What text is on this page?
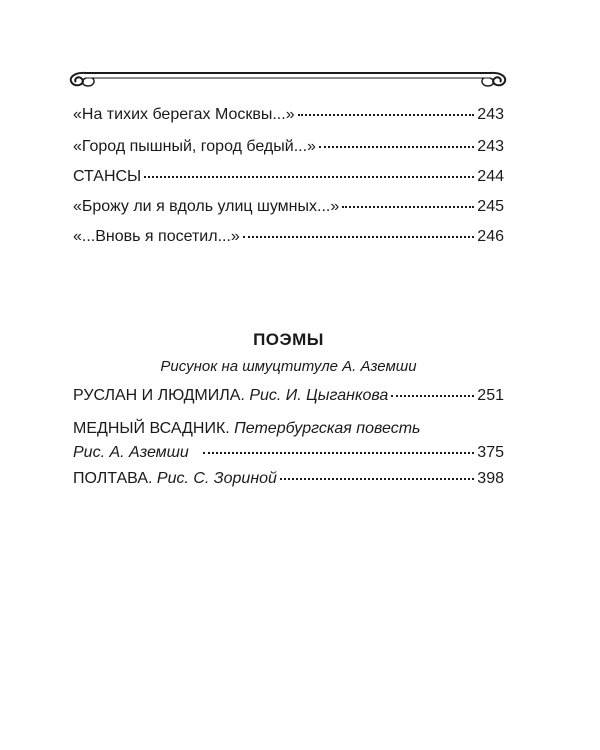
«На тихих берегах Москвы...»	243
«Город пышный, город бедый...»	243
СТАНСЫ	244
«Брожу ли я вдоль улиц шумных...»	245
«...Вновь я посетил...»	246
ПОЭМЫ
Рисунок на шмуцтитуле А. Аземши
РУСЛАН И ЛЮДМИЛА. Рис. И. Цыганкова	251
МЕДНЫЙ ВСАДНИК. Петербургская повесть
Рис. А. Аземши	375
ПОЛТАВА. Рис. С. Зориной	398
